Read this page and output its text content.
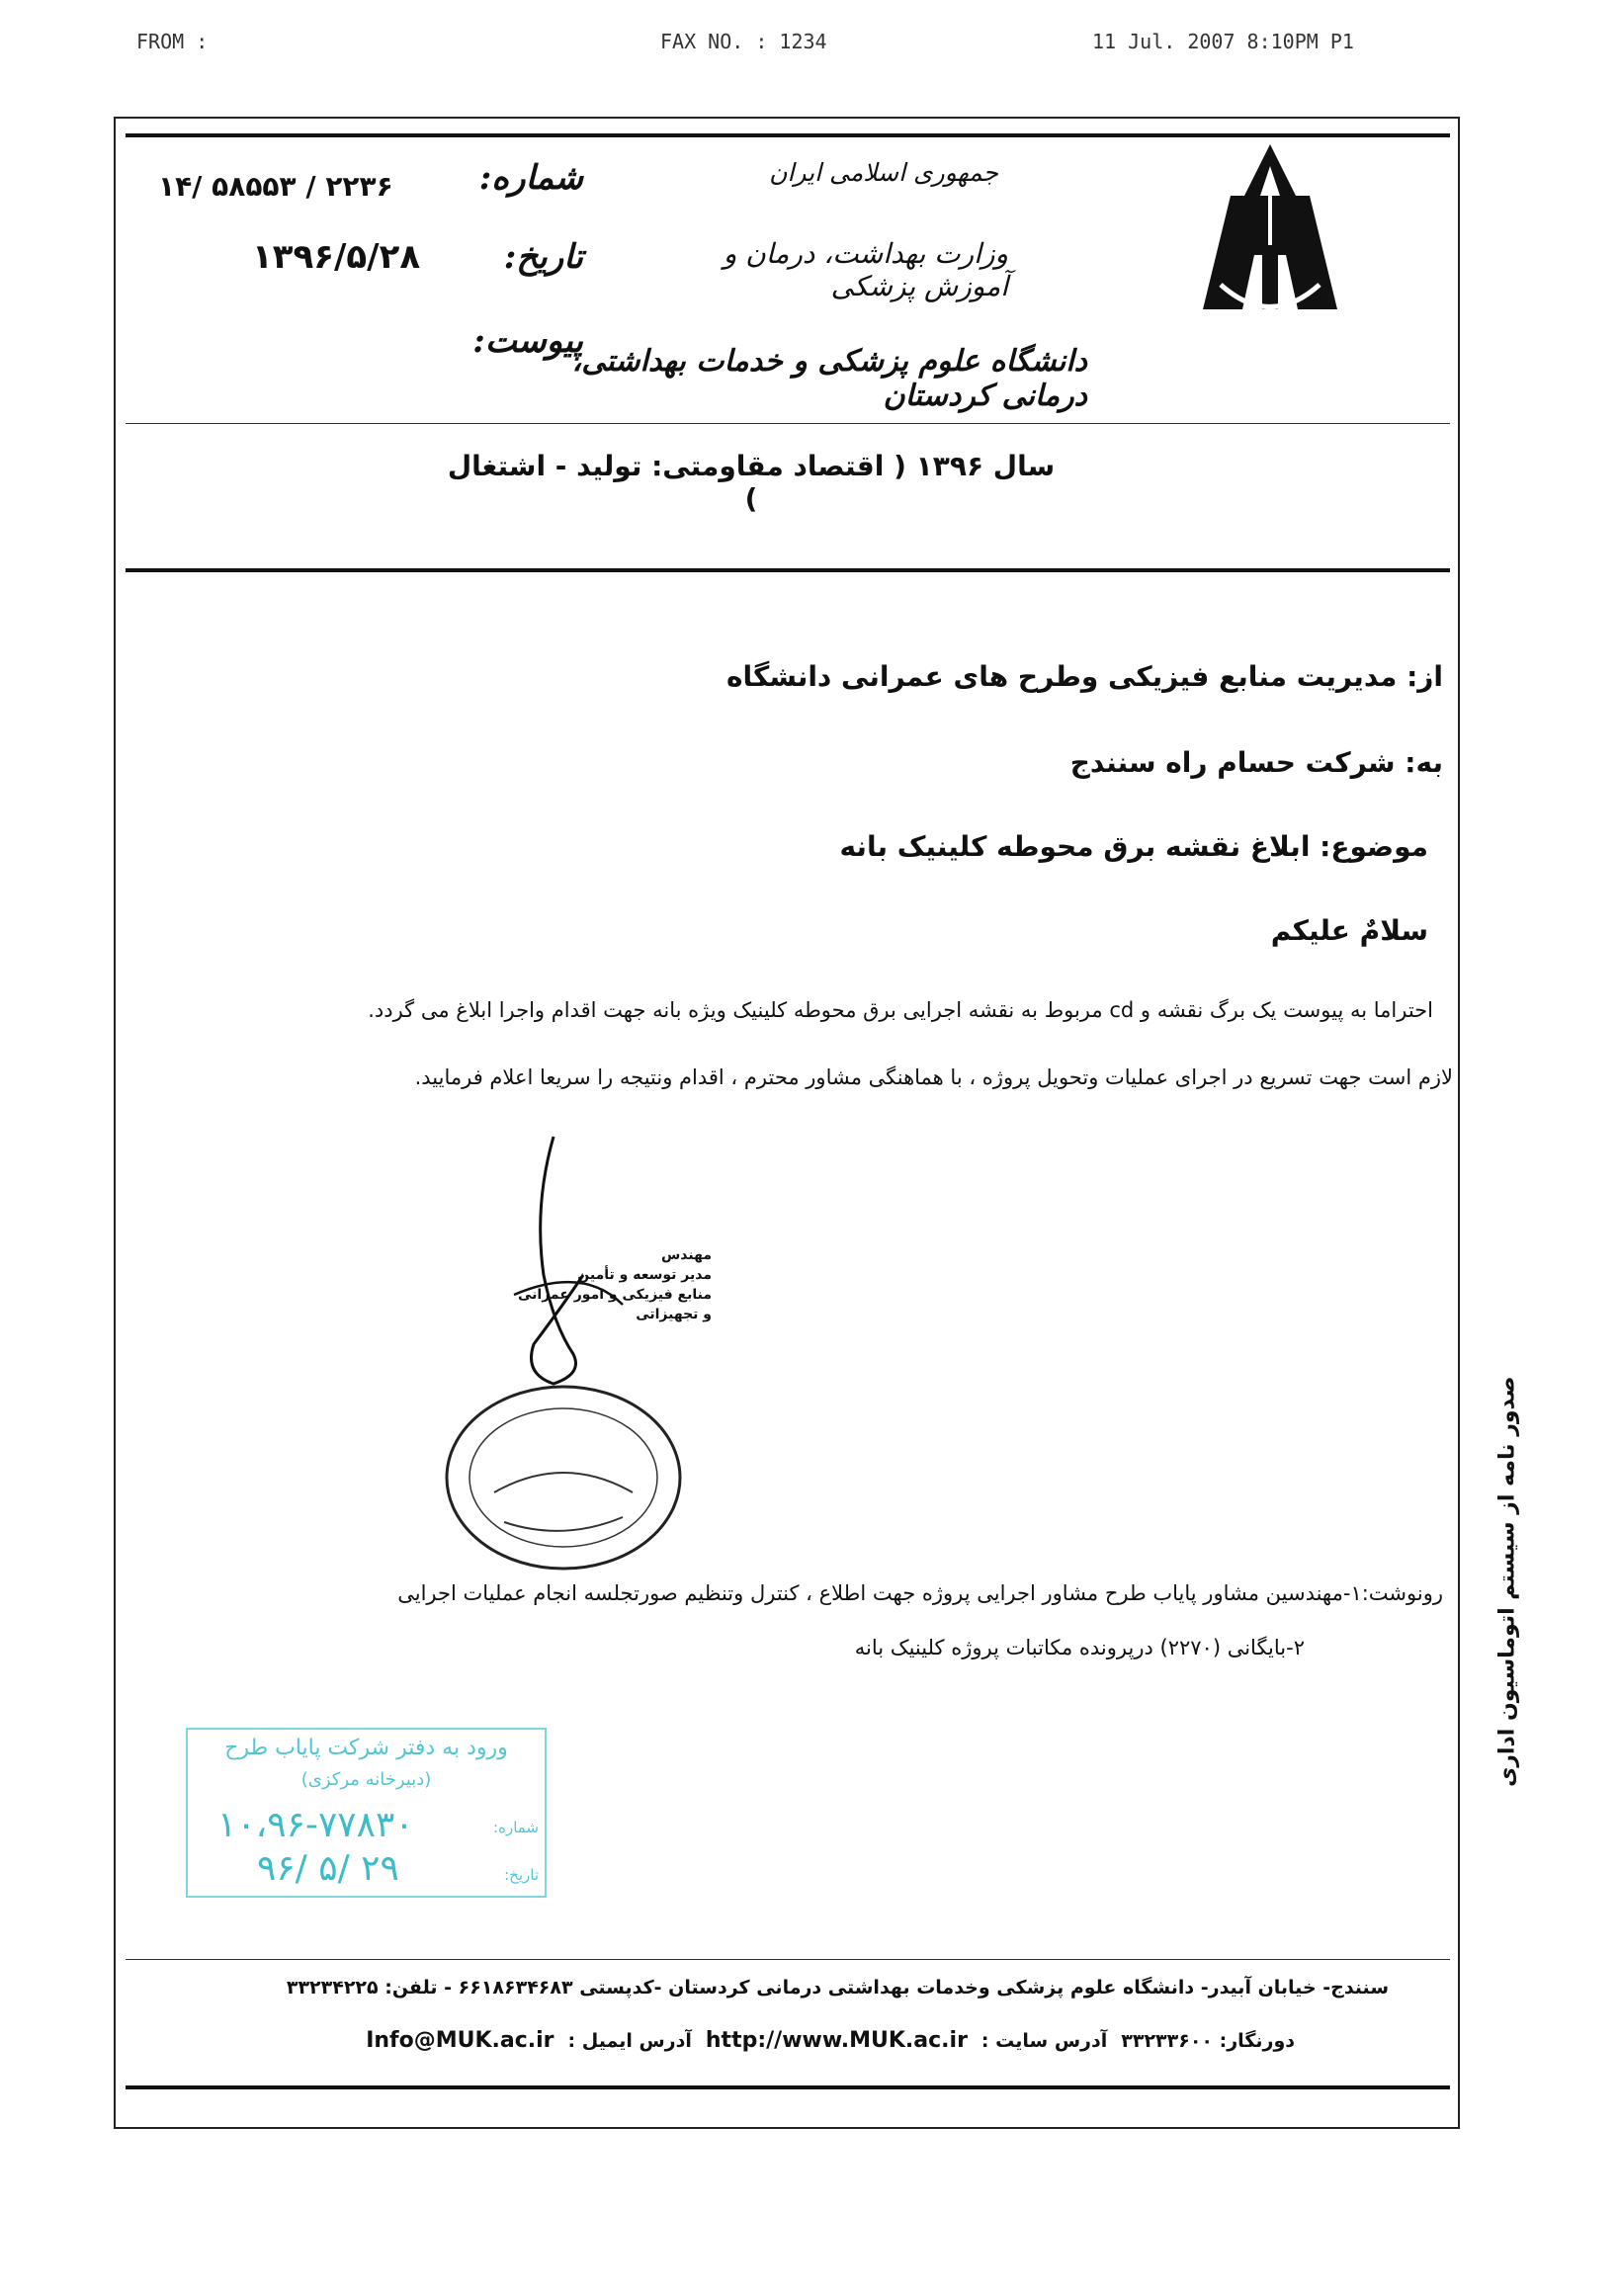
FROM :	FAX NO. : 1234	11 Jul. 2007 8:10PM P1
جمهوری اسلامی ایران
وزارت بهداشت، درمان و آموزش پزشکی
دانشگاه علوم پزشکی و خدمات بهداشتی، درمانی کردستان
شماره:
۱۴/ ۵۸۵۵۳ / ۲۲۳۶
تاریخ:
۱۳۹۶/۵/۲۸
پیوست:
سال ۱۳۹۶ ( اقتصاد مقاومتی: تولید - اشتغال )
از: مدیریت منابع فیزیکی وطرح های عمرانی دانشگاه
به: شرکت حسام راه سنندج
موضوع: ابلاغ نقشه برق محوطه کلینیک بانه
سلامٌ علیکم
احتراما به پیوست یک برگ نقشه و cd مربوط به نقشه اجرایی برق محوطه کلینیک ویژه بانه جهت اقدام واجرا ابلاغ می گردد.
لازم است جهت تسریع در اجرای عملیات وتحویل پروژه ، با هماهنگی مشاور محترم ، اقدام ونتیجه را سریعا اعلام فرمایید.
مهندس
مدیر توسعه و تأمین
منابع فیزیکی و امور عمرانی
و تجهیزاتی
رونوشت:۱-مهندسین مشاور پایاب طرح مشاور اجرایی پروژه جهت اطلاع ، کنترل وتنظیم صورتجلسه انجام عملیات اجرایی
۲-بایگانی (۲۲۷۰) درپرونده مکاتبات پروژه کلینیک بانه
ورود به دفتر شرکت پایاب طرح
(دبیرخانه مرکزی)
شماره:
۱۰،۹۶-۷۷۸۳۰
تاریخ:
۹۶/ ۵/ ۲۹
صدور نامه از سیستم اتوماسیون اداری
سنندج- خیابان آبیدر- دانشگاه علوم پزشکی وخدمات بهداشتی درمانی کردستان -کدپستی ۶۶۱۸۶۳۴۶۸۳ - تلفن: ۳۳۲۳۴۲۲۵
دورنگار: ۳۳۲۳۳۶۰۰
آدرس سایت :
http://www.MUK.ac.ir
آدرس ایمیل :
Info@MUK.ac.ir
